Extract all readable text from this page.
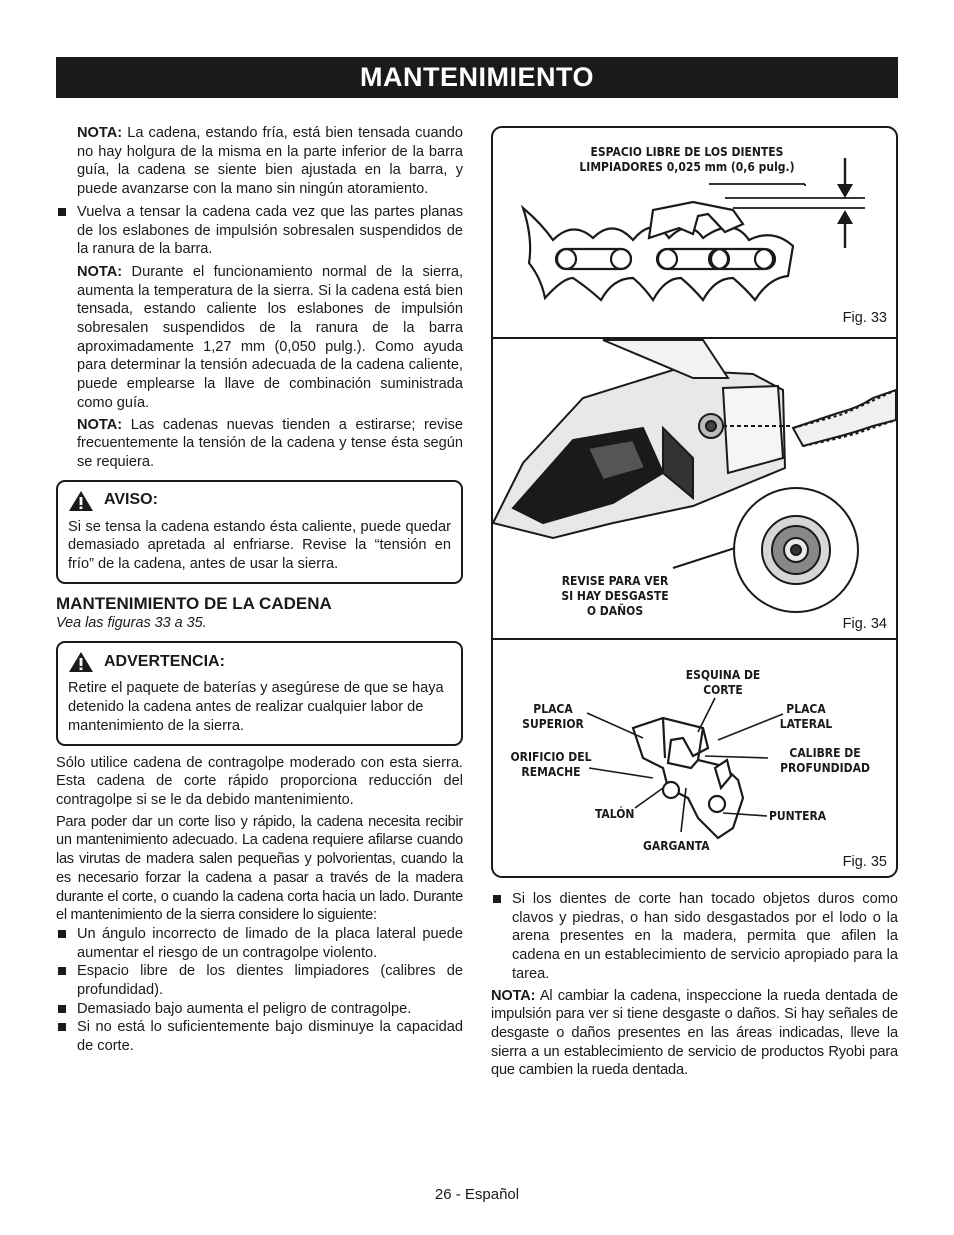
MANTENIMIENTO

NOTA: La cadena, estando fría, está bien tensada cuando no hay holgura de la misma en la parte inferior de la barra guía, la cadena se siente bien ajustada en la barra, y puede avanzarse con la mano sin ningún atoramiento.

Vuelva a tensar la cadena cada vez que las partes planas de los eslabones de impulsión sobresalen suspendidos de la ranura de la barra.

NOTA: Durante el funcionamiento normal de la sierra, aumenta la temperatura de la sierra. Si la cadena está bien tensada, estando caliente los eslabones de impulsión sobresalen suspendidos de la ranura de la barra aproximadamente 1,27 mm (0,050 pulg.). Como ayuda para determinar la tensión adecuada de la cadena caliente, puede emplearse la llave de combinación suministrada como guía.

NOTA: Las cadenas nuevas tienden a estirarse; revise frecuentemente la tensión de la cadena y tense ésta según se requiera.

AVISO:

Si se tensa la cadena estando ésta caliente, puede quedar demasiado apretada al enfriarse. Revise la “tensión en frío” de la cadena, antes de usar la sierra.

MANTENIMIENTO DE LA CADENA
Vea las figuras 33 a 35.
ADVERTENCIA:

Retire el paquete de baterías y asegúrese de que se haya detenido la cadena antes de realizar cualquier labor de mantenimiento de la sierra.

Sólo utilice cadena de contragolpe moderado con esta sierra. Esta cadena de corte rápido proporciona reducción del contragolpe si se le da debido mantenimiento.

Para poder dar un corte liso y rápido, la cadena necesita recibir un mantenimiento adecuado. La cadena requiere afilarse cuando las virutas de madera salen pequeñas y polvorientas, cuando la es necesario forzar la cadena a pasar a través de la madera durante el corte, o cuando la cadena corta hacia un lado. Durante el mantenimiento de la sierra considere lo siguiente:

Un ángulo incorrecto de limado de la placa lateral puede aumentar el riesgo de un contragolpe violento.
Espacio libre de los dientes limpiadores (calibres de profundidad).
Demasiado bajo aumenta el peligro de contragolpe.
Si no está lo suficientemente bajo disminuye la capacidad de corte.
ESPACIO LIBRE DE LOS DIENTES
LIMPIADORES 0,025 mm (0,6 pulg.)
Fig. 33
REVISE PARA VER
SI HAY DESGASTE
O DAÑOS
Fig. 34
ESQUINA DE
CORTE
PLACA
SUPERIOR
PLACA
LATERAL
ORIFICIO DEL
REMACHE
CALIBRE DE
PROFUNDIDAD
TALÓN	PUNTERA
GARGANTA
Fig. 35
Si los dientes de corte han tocado objetos duros como clavos y piedras, o han sido desgastados por el lodo o la arena presentes en la madera, permita que afilen la cadena en un establecimiento de servicio apropiado para la tarea.

NOTA: Al cambiar la cadena, inspeccione la rueda dentada de impulsión para ver si tiene desgaste o daños. Si hay señales de desgaste o daños presentes en las áreas indicadas, lleve la sierra a un establecimiento de servicio de productos Ryobi para que cambien la rueda dentada.

26 - Español
